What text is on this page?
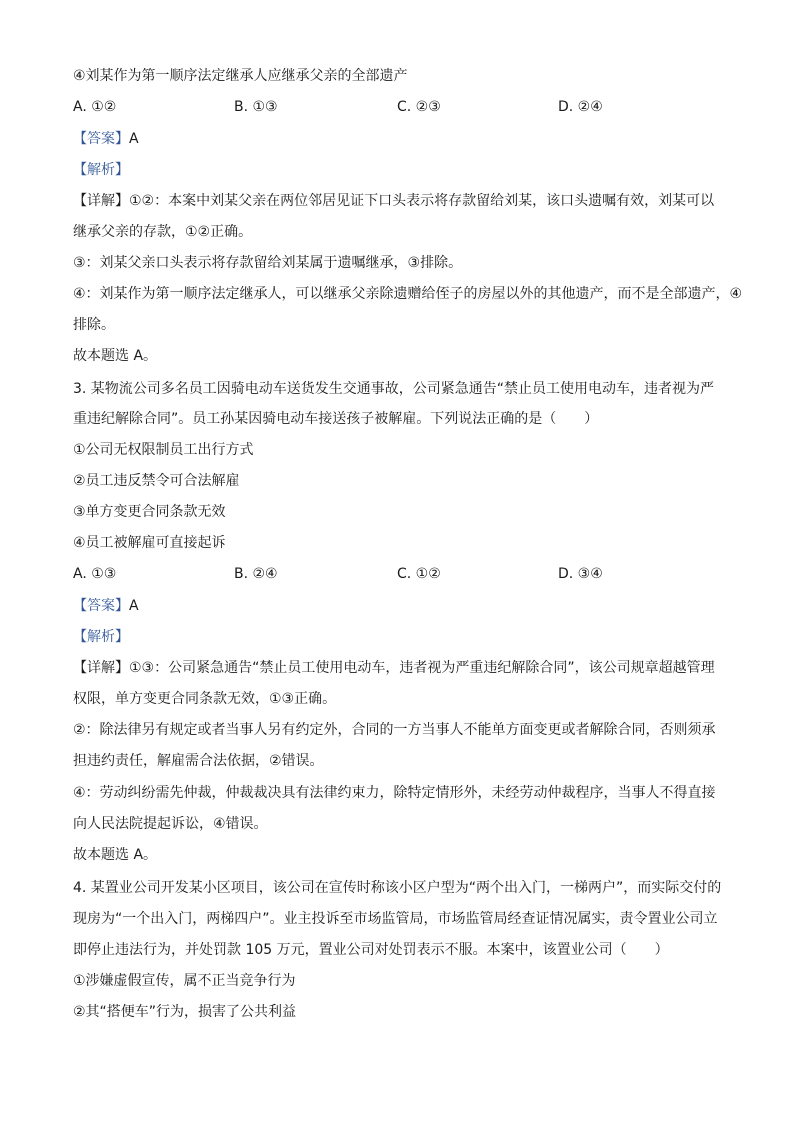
④刘某作为第一顺序法定继承人应继承父亲的全部遗产
A. ①②	B. ①③	C. ②③	D. ②④
【答案】A
【解析】
【详解】①②：本案中刘某父亲在两位邻居见证下口头表示将存款留给刘某，该口头遗嘱有效，刘某可以
继承父亲的存款，①②正确。
③：刘某父亲口头表示将存款留给刘某属于遗嘱继承，③排除。
④：刘某作为第一顺序法定继承人，可以继承父亲除遗赠给侄子的房屋以外的其他遗产，而不是全部遗产，④
排除。
故本题选 A。
3. 某物流公司多名员工因骑电动车送货发生交通事故，公司紧急通告“禁止员工使用电动车，违者视为严
重违纪解除合同”。员工孙某因骑电动车接送孩子被解雇。下列说法正确的是（　　）
①公司无权限制员工出行方式
②员工违反禁令可合法解雇
③单方变更合同条款无效
④员工被解雇可直接起诉
A. ①③	B. ②④	C. ①②	D. ③④
【答案】A
【解析】
【详解】①③：公司紧急通告“禁止员工使用电动车，违者视为严重违纪解除合同”，该公司规章超越管理
权限，单方变更合同条款无效，①③正确。
②：除法律另有规定或者当事人另有约定外，合同的一方当事人不能单方面变更或者解除合同，否则须承
担违约责任，解雇需合法依据，②错误。
④：劳动纠纷需先仲裁，仲裁裁决具有法律约束力，除特定情形外，未经劳动仲裁程序，当事人不得直接
向人民法院提起诉讼，④错误。
故本题选 A。
4. 某置业公司开发某小区项目，该公司在宣传时称该小区户型为“两个出入门，一梯两户”，而实际交付的
现房为“一个出入门，两梯四户”。业主投诉至市场监管局，市场监管局经查证情况属实，责令置业公司立
即停止违法行为，并处罚款 105 万元，置业公司对处罚表示不服。本案中，该置业公司（　　）
①涉嫌虚假宣传，属不正当竞争行为
②其“搭便车”行为，损害了公共利益
